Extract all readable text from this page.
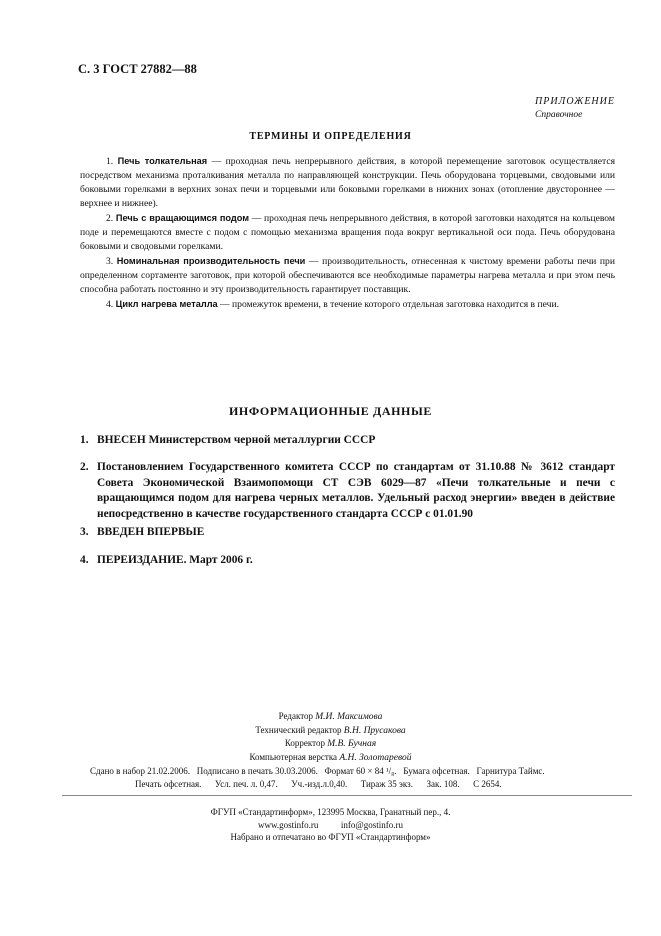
С. 3 ГОСТ 27882—88
ПРИЛОЖЕНИЕ
Справочное
ТЕРМИНЫ И ОПРЕДЕЛЕНИЯ

1. Печь толкательная — проходная печь непрерывного действия, в которой перемещение заготовок осуществляется посредством механизма проталкивания металла по направляющей конструкции. Печь оборудована торцевыми, сводовыми или боковыми горелками в верхних зонах печи и торцевыми или боковыми горелками в нижних зонах (отопление двустороннее — верхнее и нижнее).

2. Печь с вращающимся подом — проходная печь непрерывного действия, в которой заготовки находятся на кольцевом поде и перемещаются вместе с подом с помощью механизма вращения пода вокруг вертикальной оси пода. Печь оборудована боковыми и сводовыми горелками.

3. Номинальная производительность печи — производительность, отнесенная к чистому времени работы печи при определенном сортаменте заготовок, при которой обеспечиваются все необходимые параметры нагрева металла и при этом печь способна работать постоянно и эту производительность гарантирует поставщик.

4. Цикл нагрева металла — промежуток времени, в течение которого отдельная заготовка находится в печи.

ИНФОРМАЦИОННЫЕ ДАННЫЕ
1. ВНЕСЕН Министерством черной металлургии СССР
2. Постановлением Государственного комитета СССР по стандартам от 31.10.88 № 3612 стандарт Совета Экономической Взаимопомощи СТ СЭВ 6029—87 «Печи толкательные и печи с вращающимся подом для нагрева черных металлов. Удельный расход энергии» введен в действие непосредственно в качестве государственного стандарта СССР с 01.01.90
3. ВВЕДЕН ВПЕРВЫЕ
4. ПЕРЕИЗДАНИЕ. Март 2006 г.
Редактор М.И. Максимова
Технический редактор В.Н. Прусакова
Корректор М.В. Бучная
Компьютерная верстка А.Н. Золотаревой
Сдано в набор 21.02.2006.   Подписано в печать 30.03.2006.   Формат 60 × 84 ¹/₈.   Бумага офсетная.   Гарнитура Таймс.
Печать офсетная.      Усл. печ. л. 0,47.      Уч.-изд.л.0,40.      Тираж 35 экз.      Зак. 108.      С 2654.
ФГУП «Стандартинформ», 123995 Москва, Гранатный пер., 4.
www.gostinfo.ru          info@gostinfo.ru
Набрано и отпечатано во ФГУП «Стандартинформ»
